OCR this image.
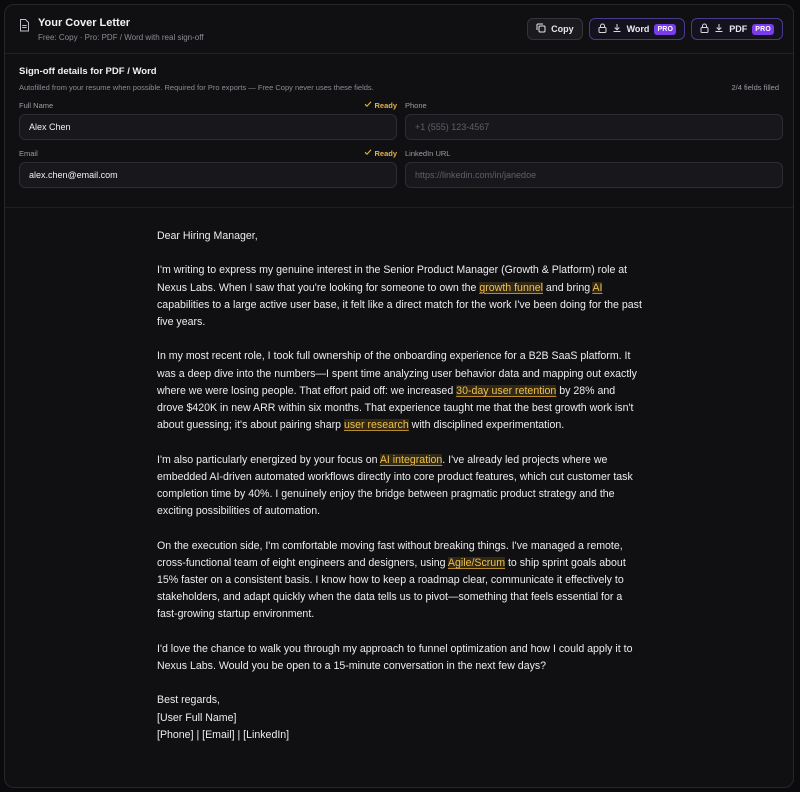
Your Cover Letter
Free: Copy · Pro: PDF / Word with real sign-off
Copy	Word	PRO	PDF	PRO
Sign-off details for PDF / Word
Autofilled from your resume when possible. Required for Pro exports — Free Copy never uses these fields.	2/4 fields filled
Full Name	Ready
Alex Chen
Phone
+1 (555) 123-4567
Email	Ready
alex.chen@email.com
LinkedIn URL
https://linkedin.com/in/janedoe

Dear Hiring Manager,

I'm writing to express my genuine interest in the Senior Product Manager (Growth & Platform) role at Nexus Labs. When I saw that you're looking for someone to own the growth funnel and bring AI capabilities to a large active user base, it felt like a direct match for the work I've been doing for the past five years.

In my most recent role, I took full ownership of the onboarding experience for a B2B SaaS platform. It was a deep dive into the numbers—I spent time analyzing user behavior data and mapping out exactly where we were losing people. That effort paid off: we increased 30-day user retention by 28% and drove $420K in new ARR within six months. That experience taught me that the best growth work isn't about guessing; it's about pairing sharp user research with disciplined experimentation.

I'm also particularly energized by your focus on AI integration. I've already led projects where we embedded AI-driven automated workflows directly into core product features, which cut customer task completion time by 40%. I genuinely enjoy the bridge between pragmatic product strategy and the exciting possibilities of automation.

On the execution side, I'm comfortable moving fast without breaking things. I've managed a remote, cross-functional team of eight engineers and designers, using Agile/Scrum to ship sprint goals about 15% faster on a consistent basis. I know how to keep a roadmap clear, communicate it effectively to stakeholders, and adapt quickly when the data tells us to pivot—something that feels essential for a fast-growing startup environment.

I'd love the chance to walk you through my approach to funnel optimization and how I could apply it to Nexus Labs. Would you be open to a 15-minute conversation in the next few days?

Best regards,
[User Full Name]
[Phone] | [Email] | [LinkedIn]
